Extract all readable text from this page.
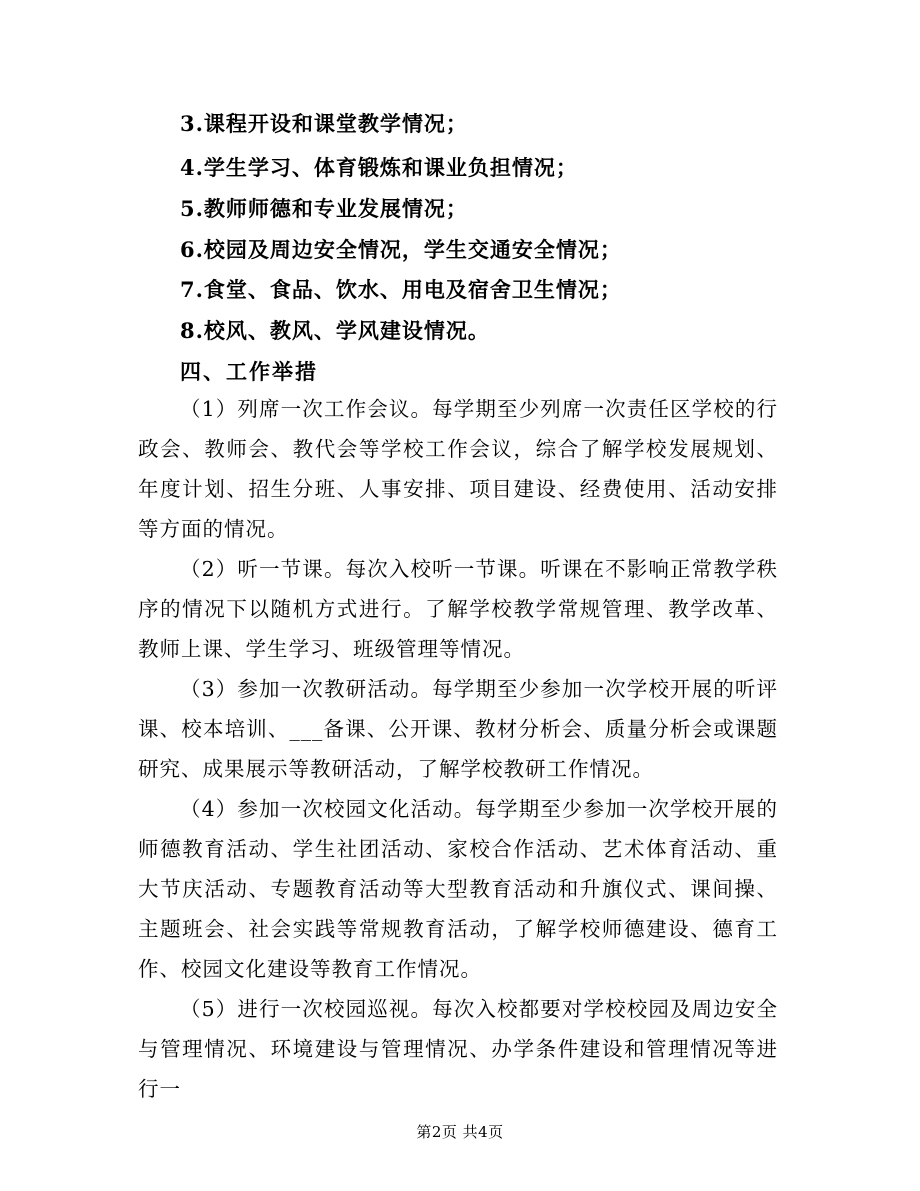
3.课程开设和课堂教学情况；
4.学生学习、体育锻炼和课业负担情况；
5.教师师德和专业发展情况；
6.校园及周边安全情况，学生交通安全情况；
7.食堂、食品、饮水、用电及宿舍卫生情况；
8.校风、教风、学风建设情况。
四、工作举措
（1）列席一次工作会议。每学期至少列席一次责任区学校的行政会、教师会、教代会等学校工作会议，综合了解学校发展规划、年度计划、招生分班、人事安排、项目建设、经费使用、活动安排等方面的情况。
（2）听一节课。每次入校听一节课。听课在不影响正常教学秩序的情况下以随机方式进行。了解学校教学常规管理、教学改革、教师上课、学生学习、班级管理等情况。
（3）参加一次教研活动。每学期至少参加一次学校开展的听评课、校本培训、___备课、公开课、教材分析会、质量分析会或课题研究、成果展示等教研活动，了解学校教研工作情况。
（4）参加一次校园文化活动。每学期至少参加一次学校开展的师德教育活动、学生社团活动、家校合作活动、艺术体育活动、重大节庆活动、专题教育活动等大型教育活动和升旗仪式、课间操、主题班会、社会实践等常规教育活动，了解学校师德建设、德育工作、校园文化建设等教育工作情况。
（5）进行一次校园巡视。每次入校都要对学校校园及周边安全与管理情况、环境建设与管理情况、办学条件建设和管理情况等进行一
第2页 共4页
